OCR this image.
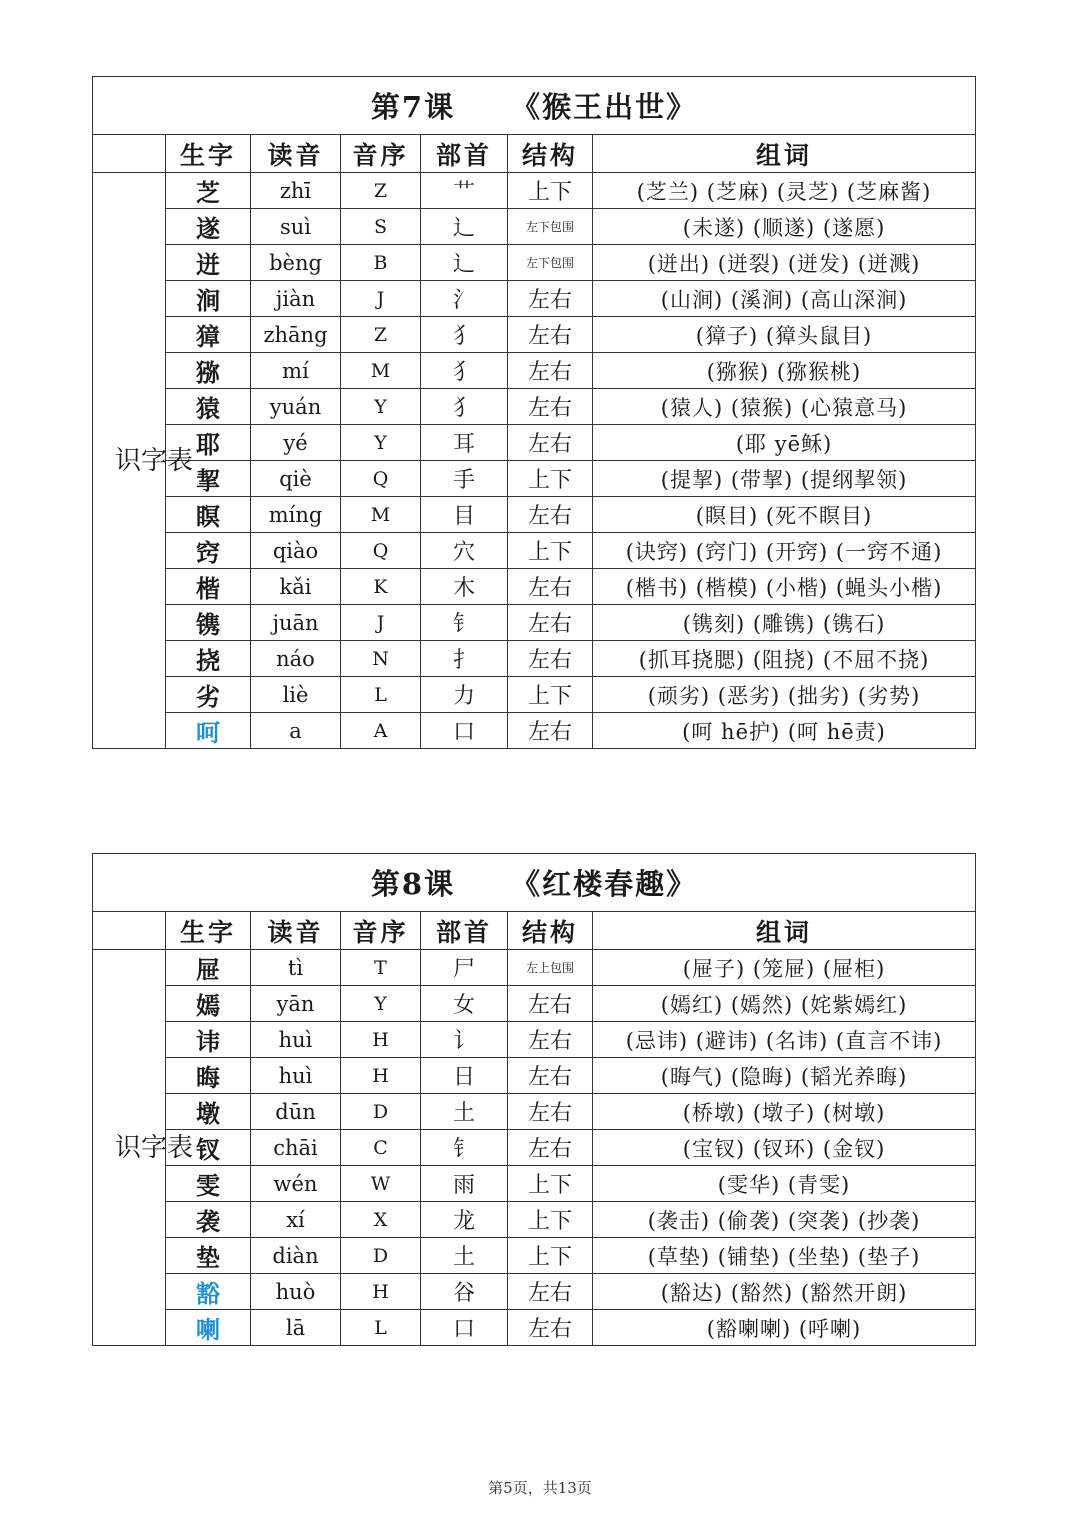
第7课 《猴王出世》						
	生字	读音	音序	部首	结构	组词

识字表	芝	zhī	Z	艹	上下	(芝兰) (芝麻) (灵芝) (芝麻酱)
	遂	suì	S	辶	左下包围	(未遂) (顺遂) (遂愿)
	迸	bèng	B	辶	左下包围	(迸出) (迸裂) (迸发) (迸溅)
	涧	jiàn	J	氵	左右	(山涧) (溪涧) (高山深涧)
	獐	zhāng	Z	犭	左右	(獐子) (獐头鼠目)
	猕	mí	M	犭	左右	(猕猴) (猕猴桃)
	猿	yuán	Y	犭	左右	(猿人) (猿猴) (心猿意马)
	耶	yé	Y	耳	左右	(耶 yē稣)
	挈	qiè	Q	手	上下	(提挈) (带挈) (提纲挈领)
	瞑	míng	M	目	左右	(瞑目) (死不瞑目)
	窍	qiào	Q	穴	上下	(诀窍) (窍门) (开窍) (一窍不通)
	楷	kǎi	K	木	左右	(楷书) (楷模) (小楷) (蝇头小楷)
	镌	juān	J	钅	左右	(镌刻) (雕镌) (镌石)
	挠	náo	N	扌	左右	(抓耳挠腮) (阻挠) (不屈不挠)
	劣	liè	L	力	上下	(顽劣) (恶劣) (拙劣) (劣势)
	呵	a	A	口	左右	(呵 hē护) (呵 hē责)
第8课 《红楼春趣》						
	生字	读音	音序	部首	结构	组词

识字表	屉	tì	T	尸	左上包围	(屉子) (笼屉) (屉柜)
	嫣	yān	Y	女	左右	(嫣红) (嫣然) (姹紫嫣红)
	讳	huì	H	讠	左右	(忌讳) (避讳) (名讳) (直言不讳)
	晦	huì	H	日	左右	(晦气) (隐晦) (韬光养晦)
	墩	dūn	D	土	左右	(桥墩) (墩子) (树墩)
	钗	chāi	C	钅	左右	(宝钗) (钗环) (金钗)
	雯	wén	W	雨	上下	(雯华) (青雯)
	袭	xí	X	龙	上下	(袭击) (偷袭) (突袭) (抄袭)
	垫	diàn	D	土	上下	(草垫) (铺垫) (坐垫) (垫子)
	豁	huò	H	谷	左右	(豁达) (豁然) (豁然开朗)
	喇	lā	L	口	左右	(豁喇喇) (呼喇)
第5页，共13页
